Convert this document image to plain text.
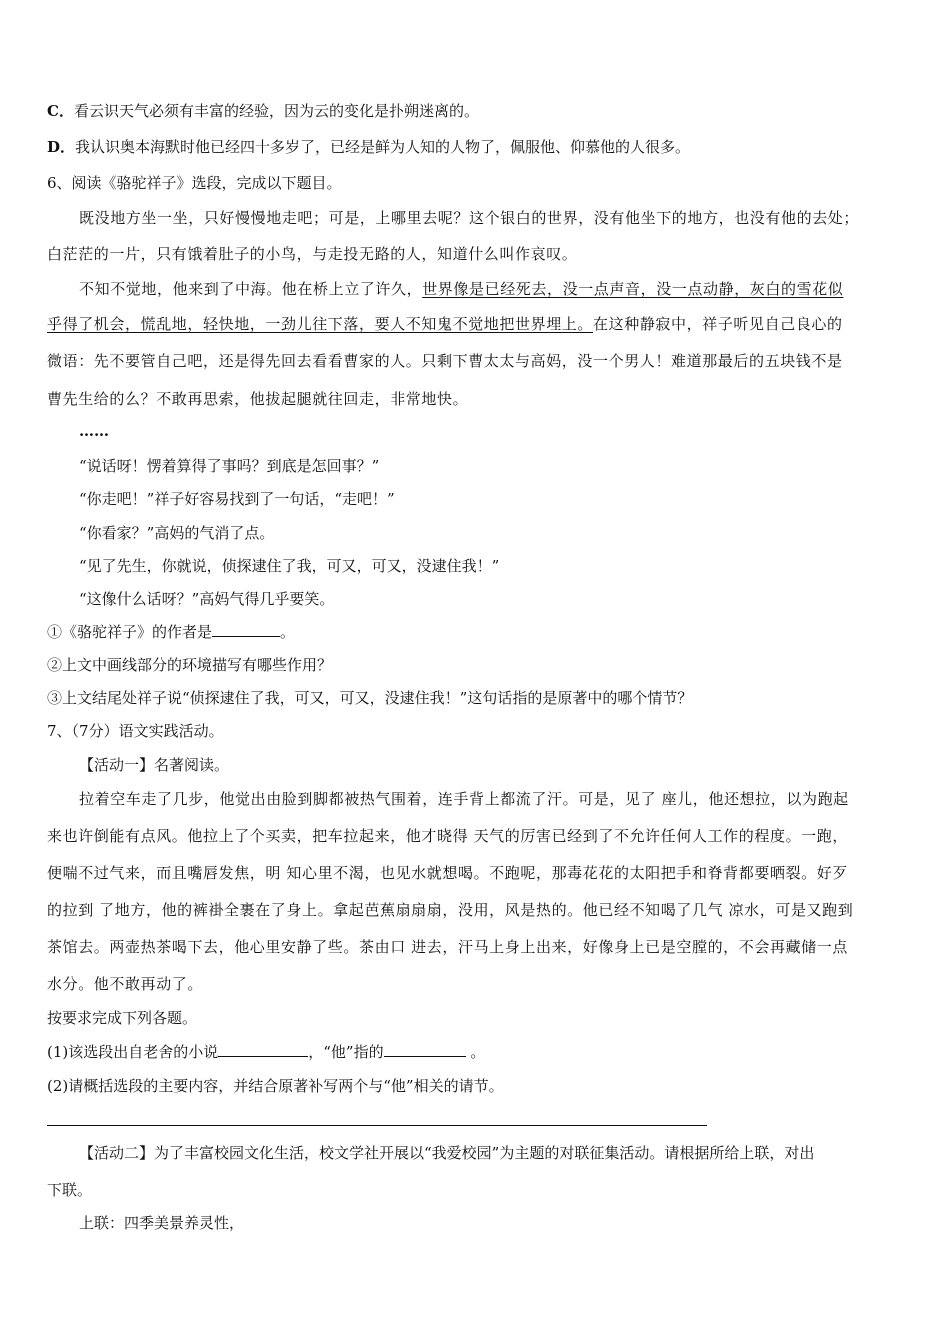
C．看云识天气必须有丰富的经验，因为云的变化是扑朔迷离的。
D．我认识奥本海默时他已经四十多岁了，已经是鲜为人知的人物了，佩服他、仰慕他的人很多。
6、阅读《骆驼祥子》选段，完成以下题目。
既没地方坐一坐，只好慢慢地走吧；可是，上哪里去呢？这个银白的世界，没有他坐下的地方，也没有他的去处；
白茫茫的一片，只有饿着肚子的小鸟，与走投无路的人，知道什么叫作哀叹。
不知不觉地，他来到了中海。他在桥上立了许久，世界像是已经死去，没一点声音，没一点动静，灰白的雪花似
乎得了机会，慌乱地，轻快地，一劲儿往下落，要人不知鬼不觉地把世界埋上。在这种静寂中，祥子听见自己良心的
微语：先不要管自己吧，还是得先回去看看曹家的人。只剩下曹太太与高妈，没一个男人！难道那最后的五块钱不是
曹先生给的么？不敢再思索，他拔起腿就往回走，非常地快。
……
“说话呀！愣着算得了事吗？到底是怎回事？”
“你走吧！”祥子好容易找到了一句话，“走吧！”
“你看家？”高妈的气消了点。
“见了先生，你就说，侦探逮住了我，可又，可又，没逮住我！”
“这像什么话呀？”高妈气得几乎要笑。
①《骆驼祥子》的作者是	。
②上文中画线部分的环境描写有哪些作用？
③上文结尾处祥子说“侦探逮住了我，可又，可又，没逮住我！”这句话指的是原著中的哪个情节？
7、（7分）语文实践活动。
【活动一】名著阅读。
拉着空车走了几步，他觉出由脸到脚都被热气围着，连手背上都流了汗。可是，见了 座儿，他还想拉，以为跑起
来也许倒能有点风。他拉上了个买卖，把车拉起来，他才晓得 天气的厉害已经到了不允许任何人工作的程度。一跑，
便喘不过气来，而且嘴唇发焦，明 知心里不渴，也见水就想喝。不跑呢，那毒花花的太阳把手和脊背都要晒裂。好歹
的拉到 了地方，他的裤褂全裹在了身上。拿起芭蕉扇扇扇，没用，风是热的。他已经不知喝了几气 凉水，可是又跑到
茶馆去。两壶热茶喝下去，他心里安静了些。茶由口 进去，汗马上身上出来，好像身上已是空膛的，不会再藏储一点
水分。他不敢再动了。
按要求完成下列各题。
(1)该选段出自老舍的小说	，“他”指的	。
(2)请概括选段的主要内容，并结合原著补写两个与“他”相关的请节。
【活动二】为了丰富校园文化生活，校文学社开展以“我爱校园”为主题的对联征集活动。请根据所给上联，对出
下联。
上联：四季美景养灵性，
